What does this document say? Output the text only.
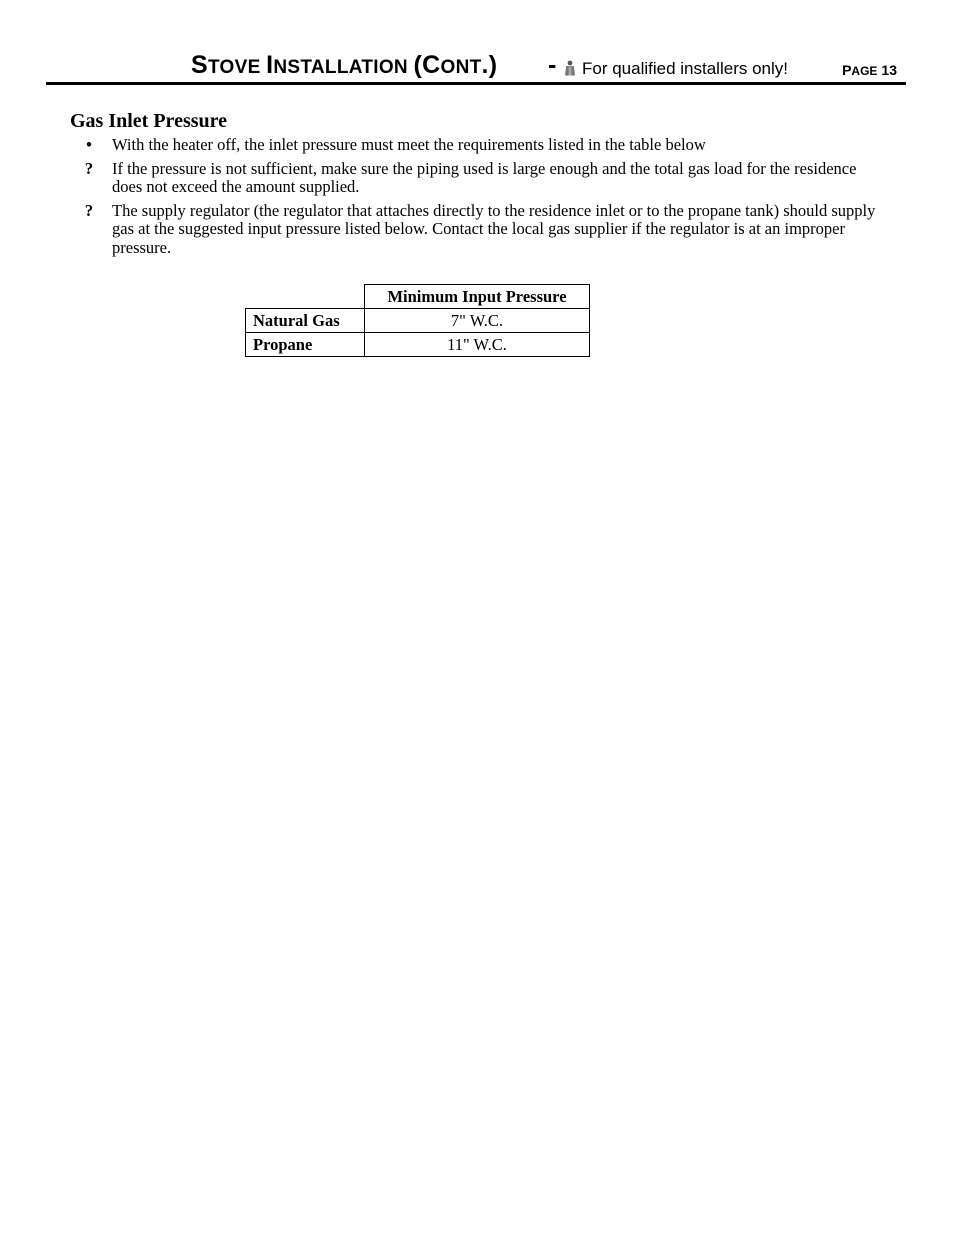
STOVE INSTALLATION (CONT.) - For qualified installers only!	PAGE 13
Gas Inlet Pressure
• With the heater off, the inlet pressure must meet the requirements listed in the table below
? If the pressure is not sufficient, make sure the piping used is large enough and the total gas load for the residence does not exceed the amount supplied.
? The supply regulator (the regulator that attaches directly to the residence inlet or to the propane tank) should supply gas at the suggested input pressure listed below. Contact the local gas supplier if the regulator is at an improper pressure.
	Minimum Input Pressure
Natural Gas	7" W.C.
Propane	11" W.C.
